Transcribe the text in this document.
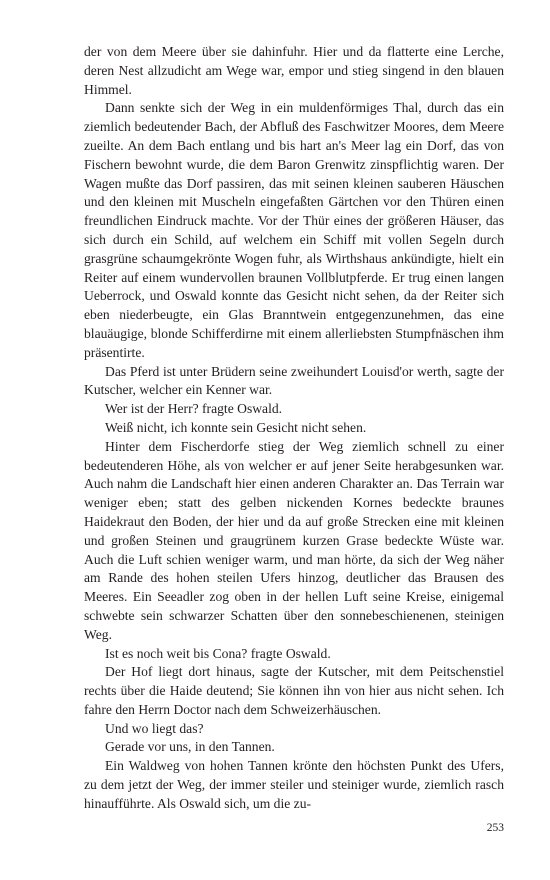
der von dem Meere über sie dahinfuhr. Hier und da flatterte eine Lerche, deren Nest allzudicht am Wege war, empor und stieg singend in den blauen Himmel.

Dann senkte sich der Weg in ein muldenförmiges Thal, durch das ein ziemlich bedeutender Bach, der Abfluß des Faschwitzer Moores, dem Meere zueilte. An dem Bach entlang und bis hart an's Meer lag ein Dorf, das von Fischern bewohnt wurde, die dem Baron Grenwitz zinspflichtig waren. Der Wagen mußte das Dorf passiren, das mit seinen kleinen sauberen Häuschen und den kleinen mit Muscheln eingefaßten Gärtchen vor den Thüren einen freundlichen Eindruck machte. Vor der Thür eines der größeren Häuser, das sich durch ein Schild, auf welchem ein Schiff mit vollen Segeln durch grasgrüne schaumgekrönte Wogen fuhr, als Wirthshaus ankündigte, hielt ein Reiter auf einem wundervollen braunen Vollblutpferde. Er trug einen langen Ueberrock, und Oswald konnte das Gesicht nicht sehen, da der Reiter sich eben niederbeugte, ein Glas Branntwein entgegenzunehmen, das eine blauäugige, blonde Schifferdirne mit einem allerliebsten Stumpfnäschen ihm präsentirte.

Das Pferd ist unter Brüdern seine zweihundert Louisd'or werth, sagte der Kutscher, welcher ein Kenner war.

Wer ist der Herr? fragte Oswald.

Weiß nicht, ich konnte sein Gesicht nicht sehen.

Hinter dem Fischerdorfe stieg der Weg ziemlich schnell zu einer bedeutenderen Höhe, als von welcher er auf jener Seite herabgesunken war. Auch nahm die Landschaft hier einen anderen Charakter an. Das Terrain war weniger eben; statt des gelben nickenden Kornes bedeckte braunes Haidekraut den Boden, der hier und da auf große Strecken eine mit kleinen und großen Steinen und graugrünem kurzen Grase bedeckte Wüste war. Auch die Luft schien weniger warm, und man hörte, da sich der Weg näher am Rande des hohen steilen Ufers hinzog, deutlicher das Brausen des Meeres. Ein Seeadler zog oben in der hellen Luft seine Kreise, einigemal schwebte sein schwarzer Schatten über den sonnebeschienenen, steinigen Weg.

Ist es noch weit bis Cona? fragte Oswald.

Der Hof liegt dort hinaus, sagte der Kutscher, mit dem Peitschenstiel rechts über die Haide deutend; Sie können ihn von hier aus nicht sehen. Ich fahre den Herrn Doctor nach dem Schweizerhäuschen.

Und wo liegt das?

Gerade vor uns, in den Tannen.

Ein Waldweg von hohen Tannen krönte den höchsten Punkt des Ufers, zu dem jetzt der Weg, der immer steiler und steiniger wurde, ziemlich rasch hinaufführte. Als Oswald sich, um die zu-

253
